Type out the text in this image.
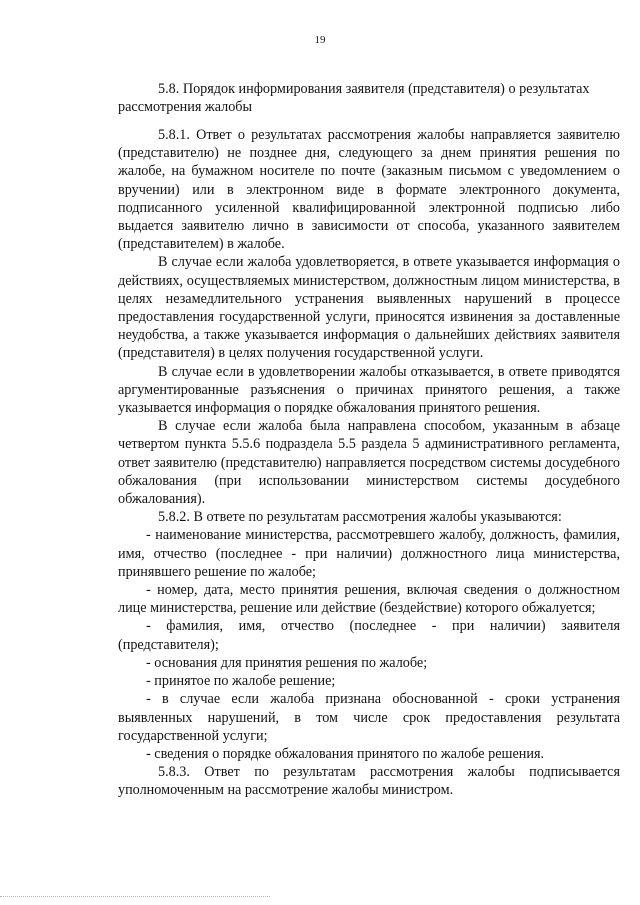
19
5.8. Порядок информирования заявителя (представителя) о результатах рассмотрения жалобы

5.8.1. Ответ о результатах рассмотрения жалобы направляется заявителю (представителю) не позднее дня, следующего за днем принятия решения по жалобе, на бумажном носителе по почте (заказным письмом с уведомлением о вручении) или в электронном виде в формате электронного документа, подписанного усиленной квалифицированной электронной подписью либо выдается заявителю лично в зависимости от способа, указанного заявителем (представителем) в жалобе.

В случае если жалоба удовлетворяется, в ответе указывается информация о действиях, осуществляемых министерством, должностным лицом министерства, в целях незамедлительного устранения выявленных нарушений в процессе предоставления государственной услуги, приносятся извинения за доставленные неудобства, а также указывается информация о дальнейших действиях заявителя (представителя) в целях получения государственной услуги.

В случае если в удовлетворении жалобы отказывается, в ответе приводятся аргументированные разъяснения о причинах принятого решения, а также указывается информация о порядке обжалования принятого решения.

В случае если жалоба была направлена способом, указанным в абзаце четвертом пункта 5.5.6 подраздела 5.5 раздела 5 административного регламента, ответ заявителю (представителю) направляется посредством системы досудебного обжалования (при использовании министерством системы досудебного обжалования).

5.8.2. В ответе по результатам рассмотрения жалобы указываются:

- наименование министерства, рассмотревшего жалобу, должность, фамилия, имя, отчество (последнее - при наличии) должностного лица министерства, принявшего решение по жалобе;

- номер, дата, место принятия решения, включая сведения о должностном лице министерства, решение или действие (бездействие) которого обжалуется;

- фамилия, имя, отчество (последнее - при наличии) заявителя (представителя);

- основания для принятия решения по жалобе;

- принятое по жалобе решение;

- в случае если жалоба признана обоснованной - сроки устранения выявленных нарушений, в том числе срок предоставления результата государственной услуги;

- сведения о порядке обжалования принятого по жалобе решения.

5.8.3. Ответ по результатам рассмотрения жалобы подписывается уполномоченным на рассмотрение жалобы министром.
